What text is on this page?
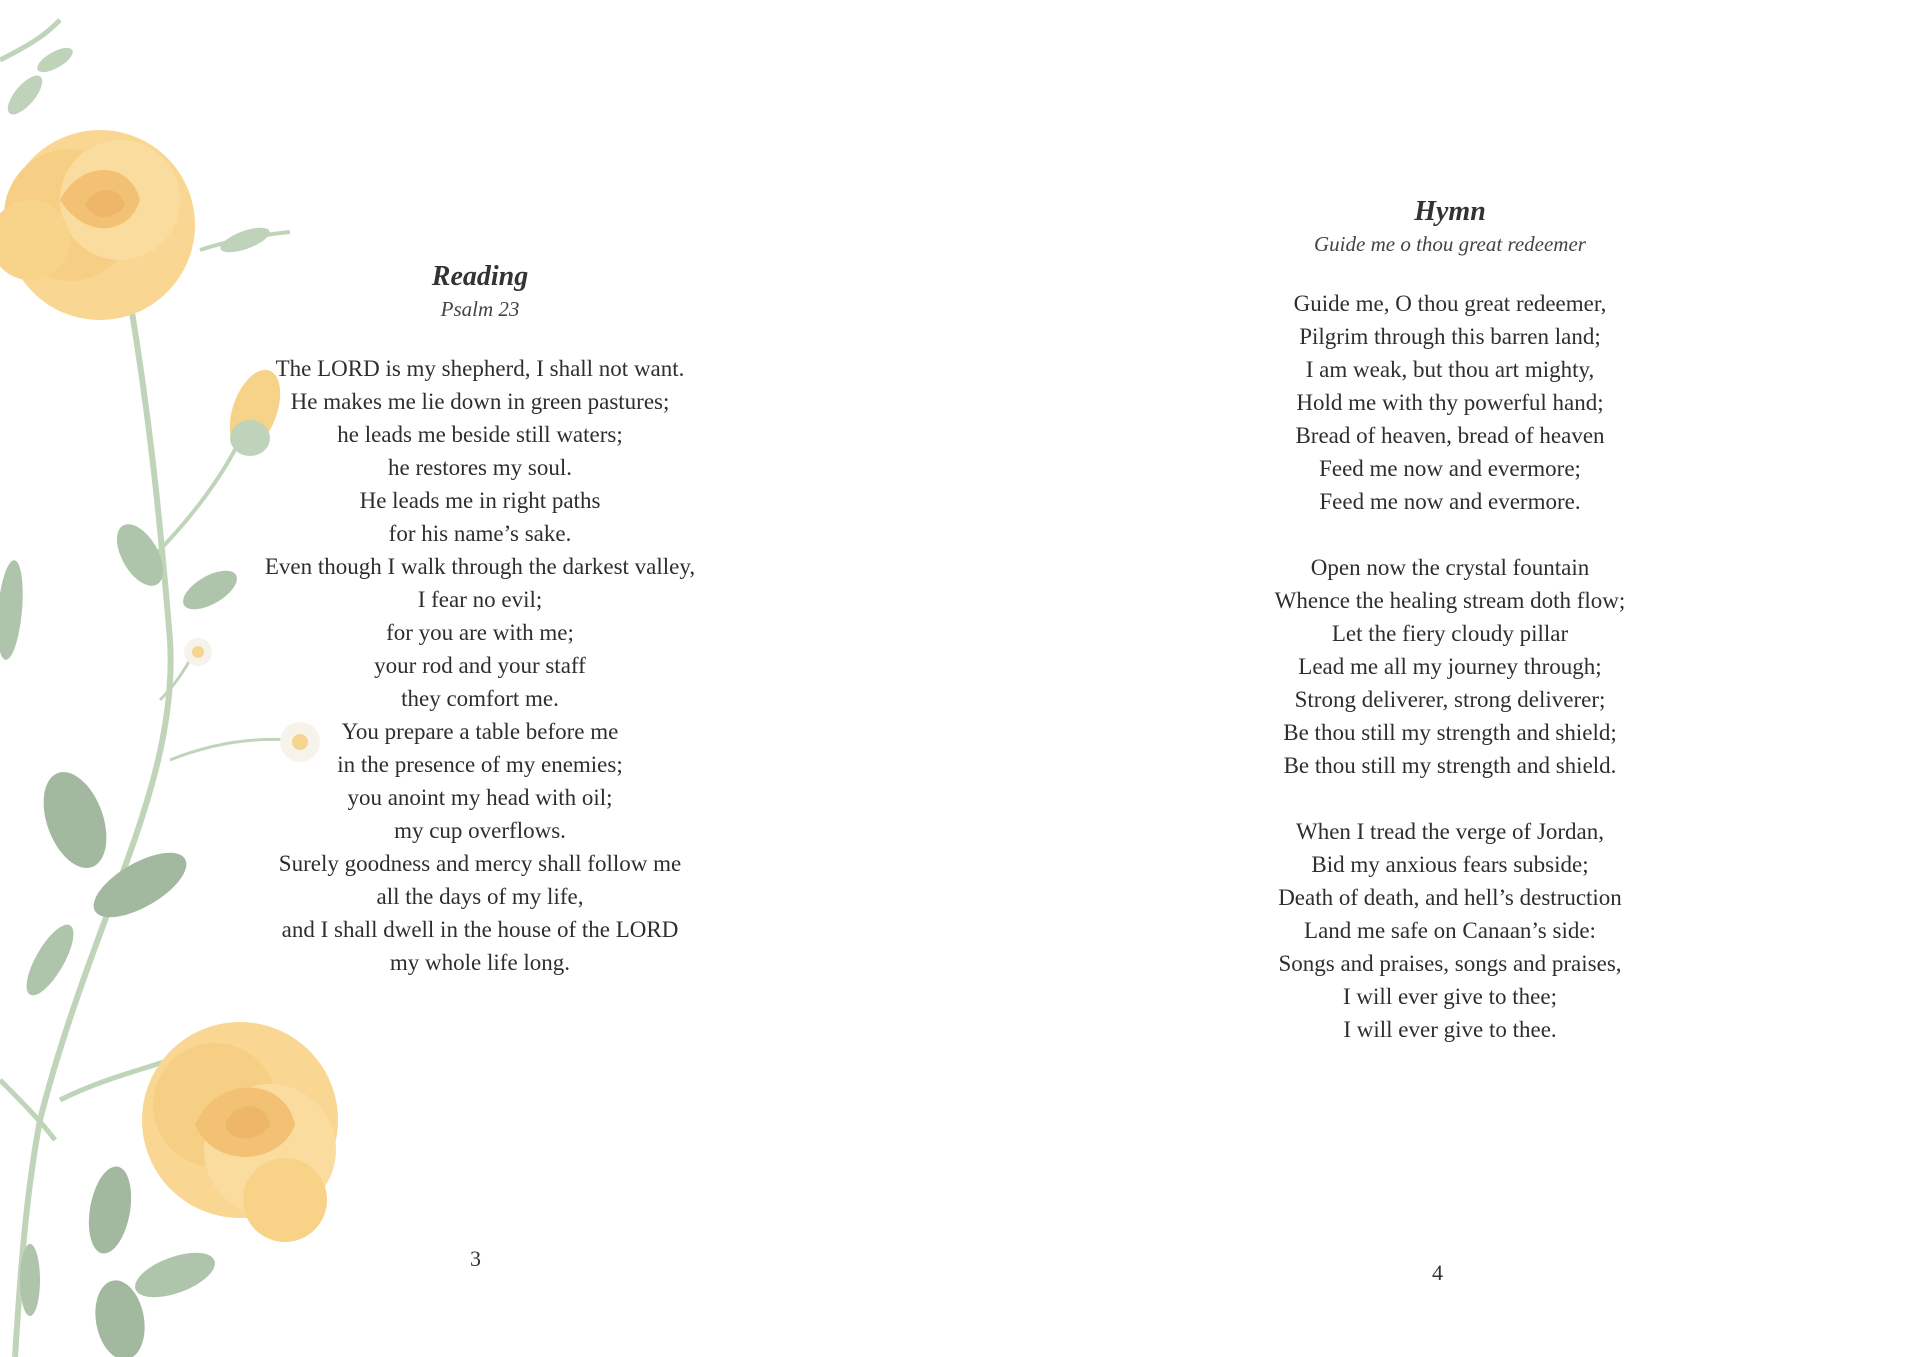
Reading
Psalm 23
The LORD is my shepherd, I shall not want.
He makes me lie down in green pastures;
he leads me beside still waters;
he restores my soul.
He leads me in right paths
for his name’s sake.
Even though I walk through the darkest valley,
I fear no evil;
for you are with me;
your rod and your staff
they comfort me.
You prepare a table before me
in the presence of my enemies;
you anoint my head with oil;
my cup overflows.
Surely goodness and mercy shall follow me
all the days of my life,
and I shall dwell in the house of the LORD
my whole life long.
3
4
Hymn
Guide me o thou great redeemer
Guide me, O thou great redeemer,
Pilgrim through this barren land;
I am weak, but thou art mighty,
Hold me with thy powerful hand;
Bread of heaven, bread of heaven
Feed me now and evermore;
Feed me now and evermore.
Open now the crystal fountain
Whence the healing stream doth flow;
Let the fiery cloudy pillar
Lead me all my journey through;
Strong deliverer, strong deliverer;
Be thou still my strength and shield;
Be thou still my strength and shield.
When I tread the verge of Jordan,
Bid my anxious fears subside;
Death of death, and hell’s destruction
Land me safe on Canaan’s side:
Songs and praises, songs and praises,
I will ever give to thee;
I will ever give to thee.
